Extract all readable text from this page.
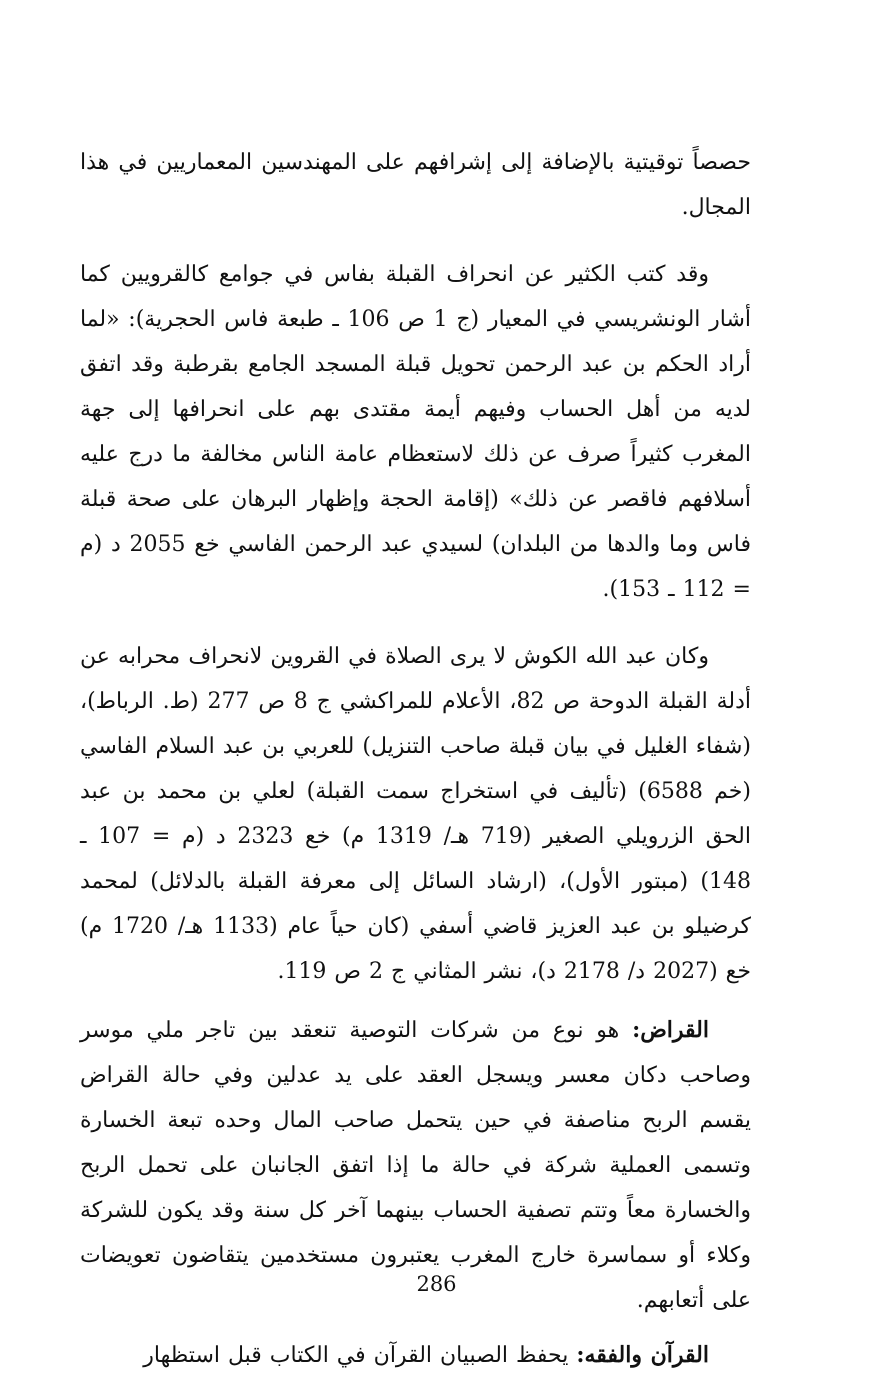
حصصاً توقيتية بالإضافة إلى إشرافهم على المهندسين المعماريين في هذا المجال.

وقد كتب الكثير عن انحراف القبلة بفاس في جوامع كالقرويين كما أشار الونشريسي في المعيار (ج 1 ص 106 ـ طبعة فاس الحجرية): «لما أراد الحكم بن عبد الرحمن تحويل قبلة المسجد الجامع بقرطبة وقد اتفق لديه من أهل الحساب وفيهم أيمة مقتدى بهم على انحرافها إلى جهة المغرب كثيراً صرف عن ذلك لاستعظام عامة الناس مخالفة ما درج عليه أسلافهم فاقصر عن ذلك» (إقامة الحجة وإظهار البرهان على صحة قبلة فاس وما والدها من البلدان) لسيدي عبد الرحمن الفاسي خع 2055 د (م = 112 ـ 153).

وكان عبد الله الكوش لا يرى الصلاة في القروين لانحراف محرابه عن أدلة القبلة الدوحة ص 82، الأعلام للمراكشي ج 8 ص 277 (ط. الرباط)، (شفاء الغليل في بيان قبلة صاحب التنزيل) للعربي بن عبد السلام الفاسي (خم 6588) (تأليف في استخراج سمت القبلة) لعلي بن محمد بن عبد الحق الزرويلي الصغير (719 هـ/ 1319 م) خع 2323 د (م = 107 ـ 148) (مبتور الأول)، (ارشاد السائل إلى معرفة القبلة بالدلائل) لمحمد كرضيلو بن عبد العزيز قاضي أسفي (كان حياً عام (1133 هـ/ 1720 م) خع (2027 د/ 2178 د)، نشر المثاني ج 2 ص 119.

القراض: هو نوع من شركات التوصية تنعقد بين تاجر ملي موسر وصاحب دكان معسر ويسجل العقد على يد عدلين وفي حالة القراض يقسم الربح مناصفة في حين يتحمل صاحب المال وحده تبعة الخسارة وتسمى العملية شركة في حالة ما إذا اتفق الجانبان على تحمل الربح والخسارة معاً وتتم تصفية الحساب بينهما آخر كل سنة وقد يكون للشركة وكلاء أو سماسرة خارج المغرب يعتبرون مستخدمين يتقاضون تعويضات على أتعابهم.

القرآن والفقه: يحفظ الصبيان القرآن في الكتاب قبل استظهار

286
